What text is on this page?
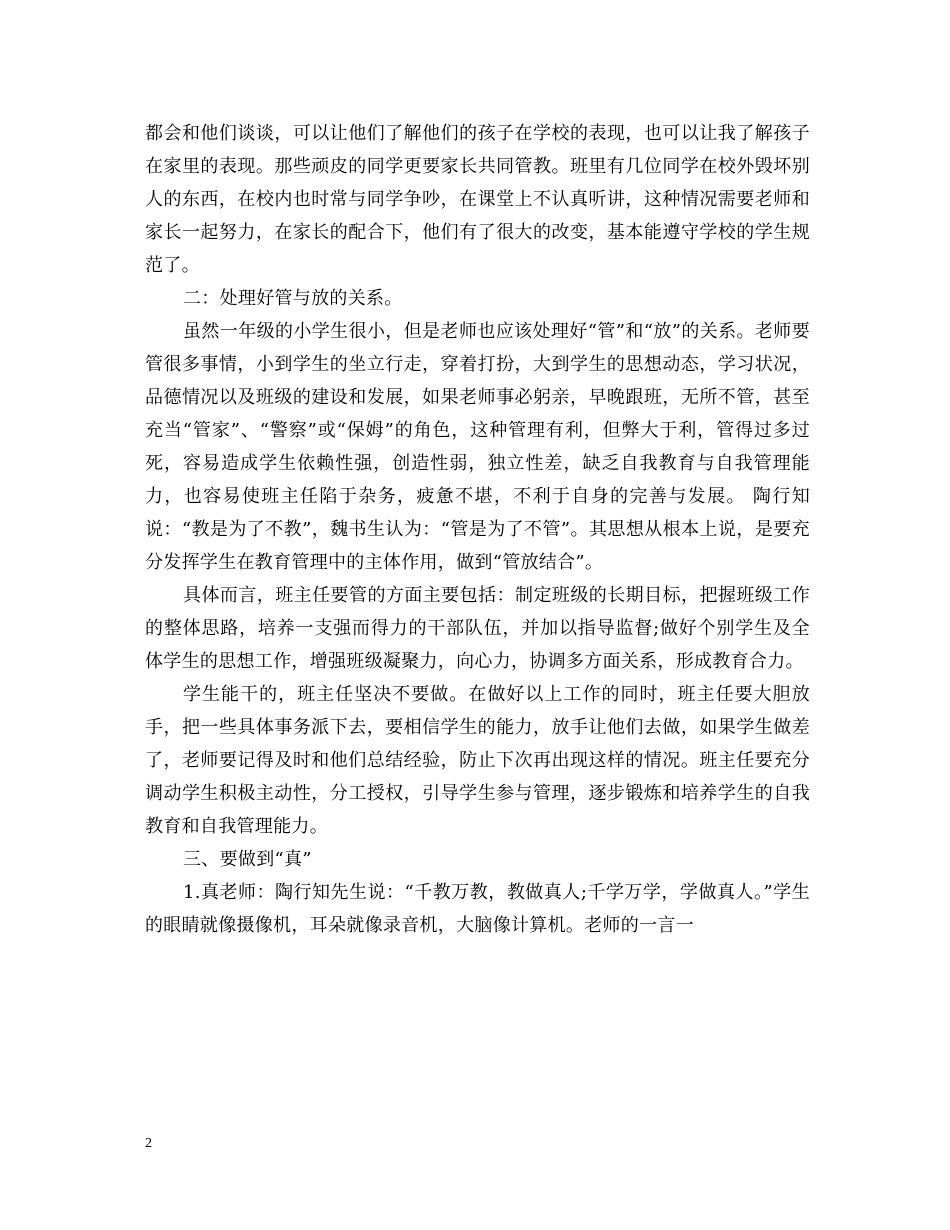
都会和他们谈谈，可以让他们了解他们的孩子在学校的表现，也可以让我了解孩子在家里的表现。那些顽皮的同学更要家长共同管教。班里有几位同学在校外毁坏别人的东西，在校内也时常与同学争吵，在课堂上不认真听讲，这种情况需要老师和家长一起努力，在家长的配合下，他们有了很大的改变，基本能遵守学校的学生规范了。

二：处理好管与放的关系。

虽然一年级的小学生很小，但是老师也应该处理好“管”和“放”的关系。老师要管很多事情，小到学生的坐立行走，穿着打扮，大到学生的思想动态，学习状况，品德情况以及班级的建设和发展，如果老师事必躬亲，早晚跟班，无所不管，甚至充当“管家”、“警察”或“保姆”的角色，这种管理有利，但弊大于利，管得过多过死，容易造成学生依赖性强，创造性弱，独立性差，缺乏自我教育与自我管理能力，也容易使班主任陷于杂务，疲惫不堪，不利于自身的完善与发展。 陶行知说：“教是为了不教”，魏书生认为：“管是为了不管”。其思想从根本上说，是要充分发挥学生在教育管理中的主体作用，做到“管放结合”。

具体而言，班主任要管的方面主要包括：制定班级的长期目标，把握班级工作的整体思路，培养一支强而得力的干部队伍，并加以指导监督;做好个别学生及全体学生的思想工作，增强班级凝聚力，向心力，协调多方面关系，形成教育合力。

学生能干的，班主任坚决不要做。在做好以上工作的同时，班主任要大胆放手，把一些具体事务派下去，要相信学生的能力，放手让他们去做，如果学生做差了，老师要记得及时和他们总结经验，防止下次再出现这样的情况。班主任要充分调动学生积极主动性，分工授权，引导学生参与管理，逐步锻炼和培养学生的自我教育和自我管理能力。

三、要做到“真”

1.真老师：陶行知先生说：“千教万教，教做真人;千学万学，学做真人。”学生的眼睛就像摄像机，耳朵就像录音机，大脑像计算机。老师的一言一

2
